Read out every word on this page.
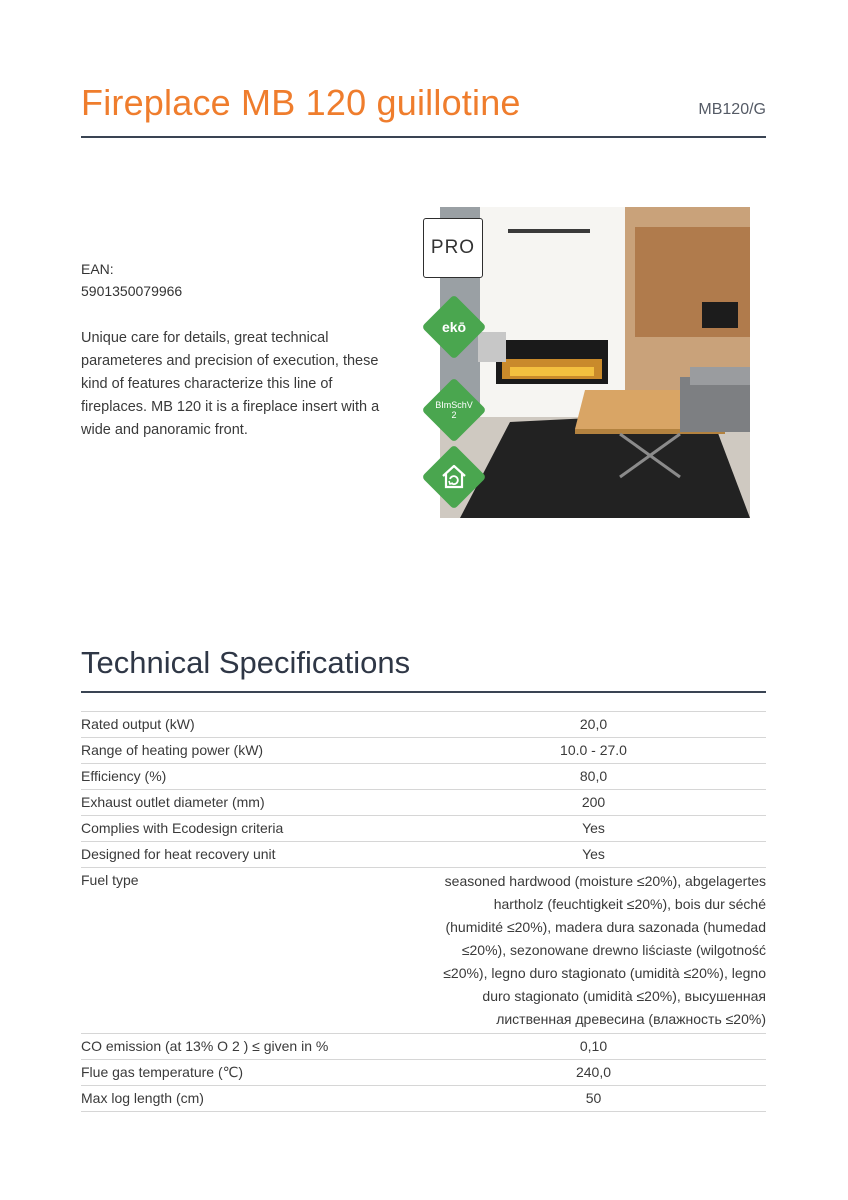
Fireplace MB 120 guillotine	MB120/G
EAN:
5901350079966
Unique care for details, great technical parameteres and precision of execution, these kind of features characterize this line of fireplaces. MB 120 it is a fireplace insert with a wide and panoramic front.
PRO
ekō
BImSchV
2
Technical Specifications
Rated output (kW)	20,0
Range of heating power (kW)	10.0 - 27.0
Efficiency (%)	80,0
Exhaust outlet diameter (mm)	200
Complies with Ecodesign criteria	Yes
Designed for heat recovery unit	Yes
Fuel type	seasoned hardwood (moisture ≤20%), abgelagertes hartholz (feuchtigkeit ≤20%), bois dur séché (humidité ≤20%), madera dura sazonada (humedad ≤20%), sezonowane drewno liściaste (wilgotność ≤20%), legno duro stagionato (umidità ≤20%), legno duro stagionato (umidità ≤20%), высушенная лиственная древесина (влажность ≤20%)

CO emission (at 13% O 2 ) ≤ given in %	0,10
Flue gas temperature (℃)	240,0
Max log length (cm)	50
